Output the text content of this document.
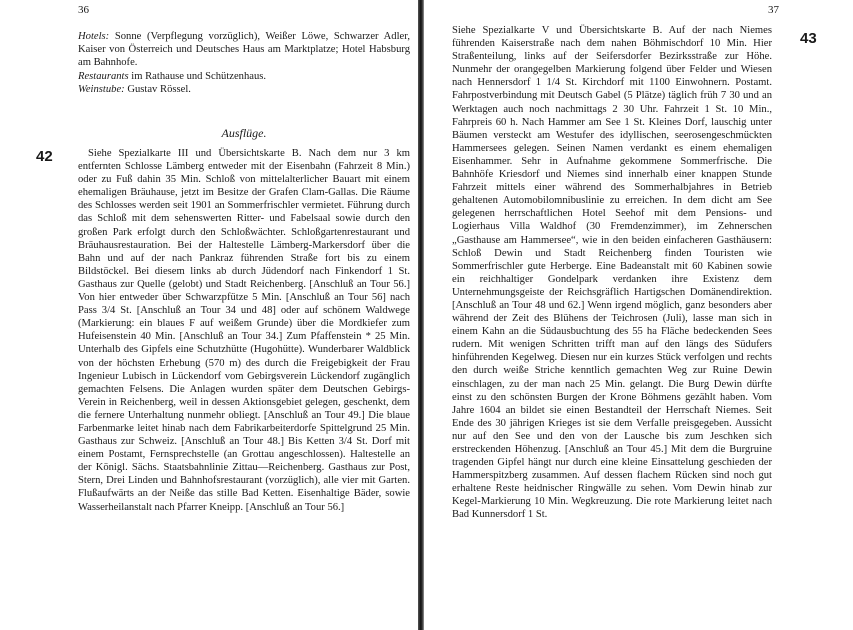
36
42
Hotels: Sonne (Verpflegung vorzüglich), Weißer Löwe, Schwarzer Adler, Kaiser von Österreich und Deutsches Haus am Marktplatze; Hotel Habsburg am Bahnhofe.
Restaurants im Rathause und Schützenhaus.
Weinstube: Gustav Rössel.
Ausflüge.
Siehe Spezialkarte III und Übersichtskarte B. Nach dem nur 3 km entfernten Schlosse Lämberg entweder mit der Eisenbahn (Fahrzeit 8 Min.) oder zu Fuß dahin 35 Min. Schloß von mittelalterlicher Bauart mit einem ehemaligen Bräuhause, jetzt im Besitze der Grafen Clam-Gallas. Die Räume des Schlosses werden seit 1901 an Sommerfrischler vermietet. Führung durch das Schloß mit dem sehenswerten Ritter- und Fabelsaal sowie durch den großen Park erfolgt durch den Schloßwächter. Schloßgartenrestaurant und Bräuhausrestauration. Bei der Haltestelle Lämberg-Markersdorf über die Bahn und auf der nach Pankraz führenden Straße fort bis zu einem Bildstöckel. Bei diesem links ab durch Jüdendorf nach Finkendorf 1 St. Gasthaus zur Quelle (gelobt) und Stadt Reichenberg. [Anschluß an Tour 56.] Von hier entweder über Schwarzpfütze 5 Min. [Anschluß an Tour 56] nach Pass 3/4 St. [Anschluß an Tour 34 und 48] oder auf schönem Waldwege (Markierung: ein blaues F auf weißem Grunde) über die Mordkiefer zum Hufeisenstein 40 Min. [Anschluß an Tour 34.] Zum Pfaffenstein * 25 Min. Unterhalb des Gipfels eine Schutzhütte (Hugohütte). Wunderbarer Waldblick von der höchsten Erhebung (570 m) des durch die Freigebigkeit der Frau Ingenieur Lubisch in Lückendorf vom Gebirgsverein Lückendorf zugänglich gemachten Felsens. Die Anlagen wurden später dem Deutschen Gebirgs-Verein in Reichenberg, weil in dessen Aktionsgebiet gelegen, geschenkt, dem die fernere Unterhaltung nunmehr obliegt. [Anschluß an Tour 49.] Die blaue Farbenmarke leitet hinab nach dem Fabrikarbeiterdorfe Spittelgrund 25 Min. Gasthaus zur Schweiz. [Anschluß an Tour 48.] Bis Ketten 3/4 St. Dorf mit einem Postamt, Fernsprechstelle (an Grottau angeschlossen). Haltestelle an der Königl. Sächs. Staatsbahnlinie Zittau—Reichenberg. Gasthaus zur Post, Stern, Drei Linden und Bahnhofsrestaurant (vorzüglich), alle vier mit Garten. Flußaufwärts an der Neiße das stille Bad Ketten. Eisenhaltige Bäder, sowie Wasserheilanstalt nach Pfarrer Kneipp. [Anschluß an Tour 56.]
37
43
Siehe Spezialkarte V und Übersichtskarte B. Auf der nach Niemes führenden Kaiserstraße nach dem nahen Böhmischdorf 10 Min. Hier Straßenteilung, links auf der Seifersdorfer Bezirksstraße zur Höhe. Nunmehr der orangegelben Markierung folgend über Felder und Wiesen nach Hennersdorf 1 1/4 St. Kirchdorf mit 1100 Einwohnern. Postamt. Fahrpostverbindung mit Deutsch Gabel (5 Plätze) täglich früh 7 30 und an Werktagen auch noch nachmittags 2 30 Uhr. Fahrzeit 1 St. 10 Min., Fahrpreis 60 h. Nach Hammer am See 1 St. Kleines Dorf, lauschig unter Bäumen versteckt am Westufer des idyllischen, seerosengeschmückten Hammersees gelegen. Seinen Namen verdankt es einem ehemaligen Eisenhammer. Sehr in Aufnahme gekommene Sommerfrische. Die Bahnhöfe Kriesdorf und Niemes sind innerhalb einer knappen Stunde Fahrzeit mittels einer während des Sommerhalbjahres in Betrieb gehaltenen Automobilomnibuslinie zu erreichen. In dem dicht am See gelegenen herrschaftlichen Hotel Seehof mit dem Pensions- und Logierhaus Villa Waldhof (30 Fremdenzimmer), im Zehnerschen „Gasthause am Hammersee“, wie in den beiden einfacheren Gasthäusern: Schloß Dewin und Stadt Reichenberg finden Touristen wie Sommerfrischler gute Herberge. Eine Badeanstalt mit 60 Kabinen sowie ein reichhaltiger Gondelpark verdanken ihre Existenz dem Unternehmungsgeiste der Reichsgräflich Hartigschen Domänendirektion. [Anschluß an Tour 48 und 62.] Wenn irgend möglich, ganz besonders aber während der Zeit des Blühens der Teichrosen (Juli), lasse man sich in einem Kahn an die Südausbuchtung des 55 ha Fläche bedeckenden Sees rudern. Mit wenigen Schritten trifft man auf den längs des Südufers hinführenden Kegelweg. Diesen nur ein kurzes Stück verfolgen und rechts den durch weiße Striche kenntlich gemachten Weg zur Ruine Dewin einschlagen, zu der man nach 25 Min. gelangt. Die Burg Dewin dürfte einst zu den schönsten Burgen der Krone Böhmens gezählt haben. Vom Jahre 1604 an bildet sie einen Bestandteil der Herrschaft Niemes. Seit Ende des 30 jährigen Krieges ist sie dem Verfalle preisgegeben. Aussicht nur auf den See und den von der Lausche bis zum Jeschken sich erstreckenden Höhenzug. [Anschluß an Tour 45.] Mit dem die Burgruine tragenden Gipfel hängt nur durch eine kleine Einsattelung geschieden der Hammerspitzberg zusammen. Auf dessen flachem Rücken sind noch gut erhaltene Reste heidnischer Ringwälle zu sehen. Vom Dewin hinab zur Kegel-Markierung 10 Min. Wegkreuzung. Die rote Markierung leitet nach Bad Kunnersdorf 1 St.
